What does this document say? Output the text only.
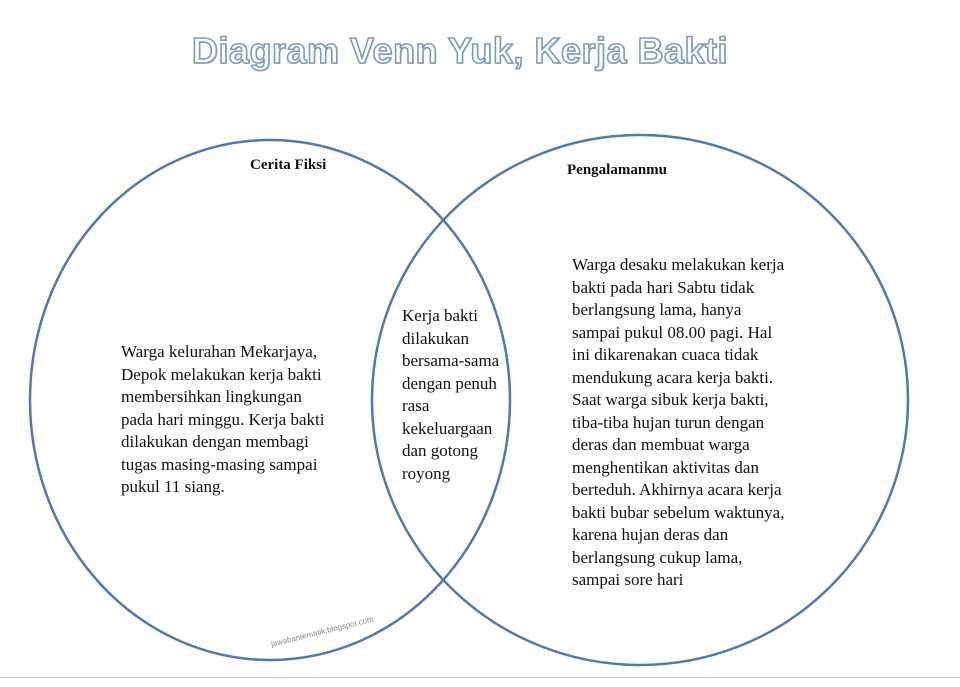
Diagram Venn Yuk, Kerja Bakti
Cerita Fiksi	Pengalamanmu
Warga kelurahan Mekarjaya,
Depok melakukan kerja bakti
membersihkan lingkungan
pada hari minggu. Kerja bakti
dilakukan dengan membagi
tugas masing-masing sampai
pukul 11 siang.
Kerja bakti
dilakukan
bersama-sama
dengan penuh
rasa
kekeluargaan
dan gotong
royong
Warga desaku melakukan kerja
bakti pada hari Sabtu tidak
berlangsung lama, hanya
sampai pukul 08.00 pagi. Hal
ini dikarenakan cuaca tidak
mendukung acara kerja bakti.
Saat warga sibuk kerja bakti,
tiba-tiba hujan turun dengan
deras dan membuat warga
menghentikan aktivitas dan
berteduh. Akhirnya acara kerja
bakti bubar sebelum waktunya,
karena hujan deras dan
berlangsung cukup lama,
sampai sore hari
jawabantematik.blogspot.com
